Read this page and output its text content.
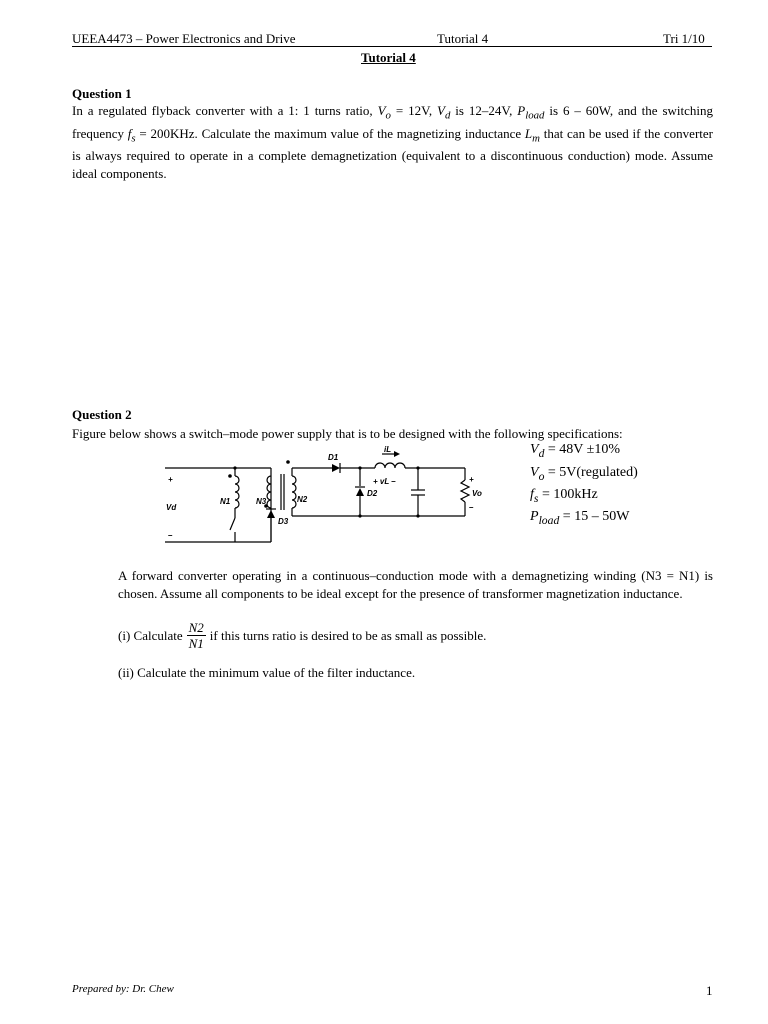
UEEA4473 – Power Electronics and Drive	Tutorial 4	Tri 1/10
Tutorial 4
Question 1

In a regulated flyback converter with a 1: 1 turns ratio, $V_o = 12V$, $V_d$ is 12–24V, $P_{load}$ is 6 – 60W, and the switching frequency $f_s = 200KHz$. Calculate the maximum value of the magnetizing inductance $L_m$ that can be used if the converter is always required to operate in a complete demagnetization (equivalent to a discontinuous conduction) mode. Assume ideal components.

Question 2
Figure below shows a switch–mode power supply that is to be designed with the following specifications:
$V_d = 48V \pm 10\%$
$V_o$ = 5V(regulated)
$f_s = 100kHz$
$P_{load} = 15 - 50W$
+
Vd
–
N1	N3	N2
D1
D2
D3
iL
+ vL –	+
Vo
–
A forward converter operating in a continuous–conduction mode with a demagnetizing winding (N3 = N1) is chosen. Assume all components to be ideal except for the presence of transformer magnetization inductance.
(i) Calculate $\frac{N2}{N1}$ if this turns ratio is desired to be as small as possible.
(ii) Calculate the minimum value of the filter inductance.
Prepared by: Dr. Chew	1
